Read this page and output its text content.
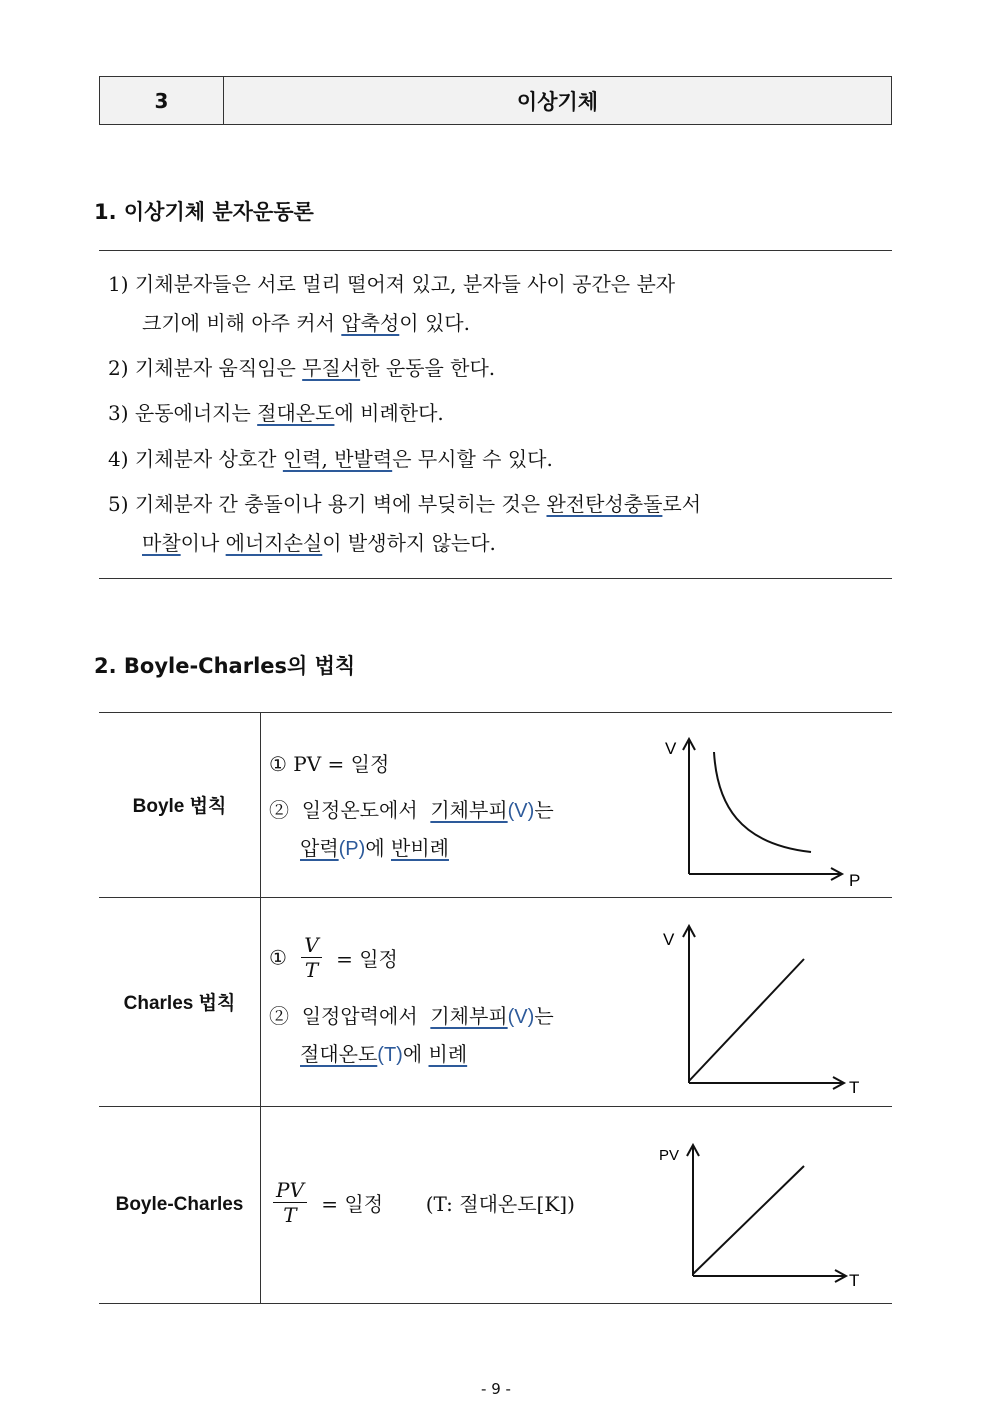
3	이상기체
1. 이상기체 분자운동론
1) 기체분자들은 서로 멀리 떨어져 있고, 분자들 사이 공간은 분자
크기에 비해 아주 커서 압축성이 있다.
2) 기체분자 움직임은 무질서한 운동을 한다.
3) 운동에너지는 절대온도에 비례한다.
4) 기체분자 상호간 인력, 반발력은 무시할 수 있다.
5) 기체분자 간 충돌이나 용기 벽에 부딪히는 것은 완전탄성충돌로서
마찰이나 에너지손실이 발생하지 않는다.
2. Boyle-Charles의 법칙
Boyle 법칙
① PV = 일정
② 일정온도에서  기체부피(V)는
압력(P)에 반비례
V
P
Charles 법칙
① $\frac{V}{T}$ = 일정
② 일정압력에서  기체부피(V)는
절대온도(T)에 비례
V
T
Boyle-Charles	$\frac{PV}{T}$ = 일정 (T: 절대온도[K])
PV
T
- 9 -
